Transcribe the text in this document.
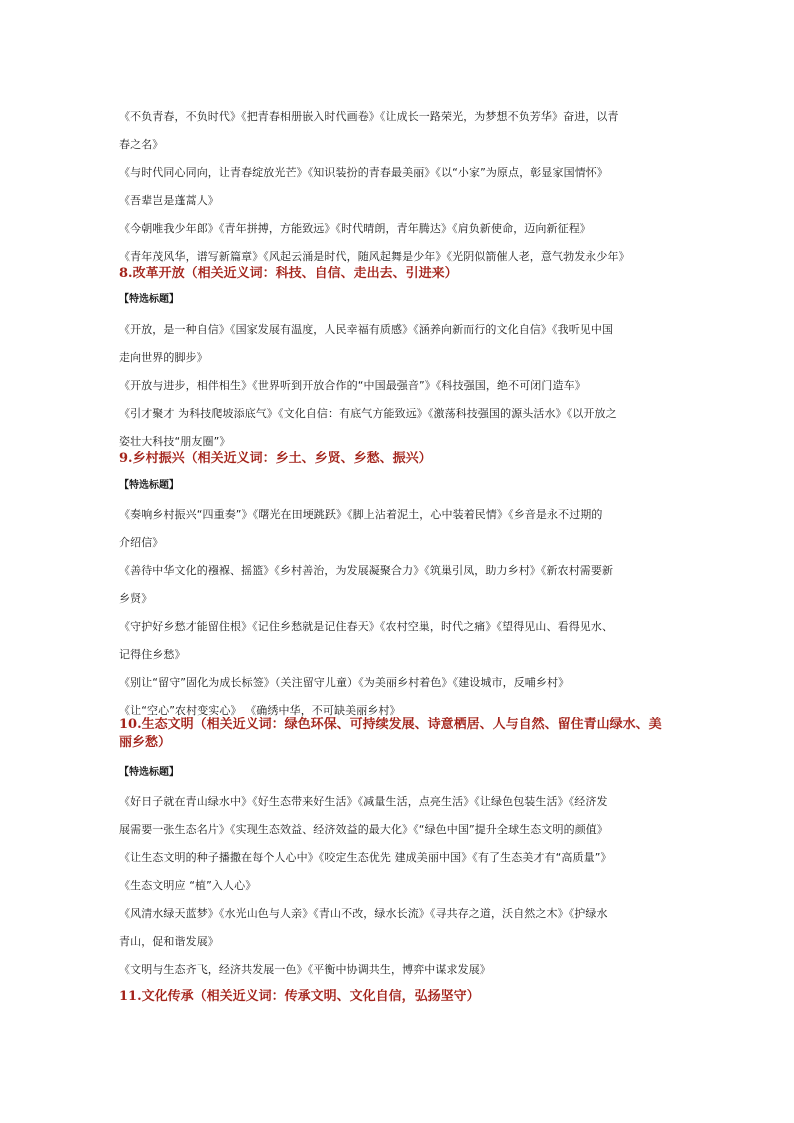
《不负青春，不负时代》《把青春相册嵌入时代画卷》《让成长一路荣光，为梦想不负芳华》奋进，以青
春之名》
《与时代同心同向，让青春绽放光芒》《知识装扮的青春最美丽》《以“小家”为原点，彰显家国情怀》
《吾辈岂是蓬蒿人》
《今朝唯我少年郎》《青年拼搏，方能致远》《时代晴朗，青年腾达》《肩负新使命，迈向新征程》
《青年茂风华，谱写新篇章》《风起云涌是时代，随风起舞是少年》《光阴似箭催人老，意气勃发永少年》
8.改革开放（相关近义词：科技、自信、走出去、引进来）
【特选标题】
《开放，是一种自信》《国家发展有温度，人民幸福有质感》《涵养向新而行的文化自信》《我听见中国
走向世界的脚步》
《开放与进步，相伴相生》《世界听到开放合作的“中国最强音”》《科技强国，绝不可闭门造车》
《引才聚才 为科技爬坡添底气》《文化自信：有底气方能致远》《激荡科技强国的源头活水》《以开放之
姿壮大科技“朋友圈”》
9.乡村振兴（相关近义词：乡土、乡贤、乡愁、振兴）
【特选标题】
《奏响乡村振兴“四重奏”》《曙光在田埂跳跃》《脚上沾着泥土，心中装着民情》《乡音是永不过期的
介绍信》
《善待中华文化的襁褓、摇篮》《乡村善治，为发展凝聚合力》《筑巢引凤，助力乡村》《新农村需要新
乡贤》
《守护好乡愁才能留住根》《记住乡愁就是记住春天》《农村空巢，时代之痛》《望得见山、看得见水、
记得住乡愁》
《别让“留守”固化为成长标签》（关注留守儿童）《为美丽乡村着色》《建设城市，反哺乡村》
《让“空心”农村变实心》 《确绣中华，不可缺美丽乡村》
10.生态文明（相关近义词：绿色环保、可持续发展、诗意栖居、人与自然、留住青山绿水、美
丽乡愁）
【特选标题】
《好日子就在青山绿水中》《好生态带来好生活》《减量生活，点亮生活》《让绿色包装生活》《经济发
展需要一张生态名片》《实现生态效益、经济效益的最大化》《“绿色中国”提升全球生态文明的颜值》
《让生态文明的种子播撒在每个人心中》《咬定生态优先 建成美丽中国》《有了生态美才有“高质量”》
《生态文明应 “植”入人心》
《风清水绿天蓝梦》《水光山色与人亲》《青山不改，绿水长流》《寻共存之道，沃自然之木》《护绿水
青山，促和谐发展》
《文明与生态齐飞，经济共发展一色》《平衡中协调共生，博弈中谋求发展》
11.文化传承（相关近义词：传承文明、文化自信，弘扬坚守）
